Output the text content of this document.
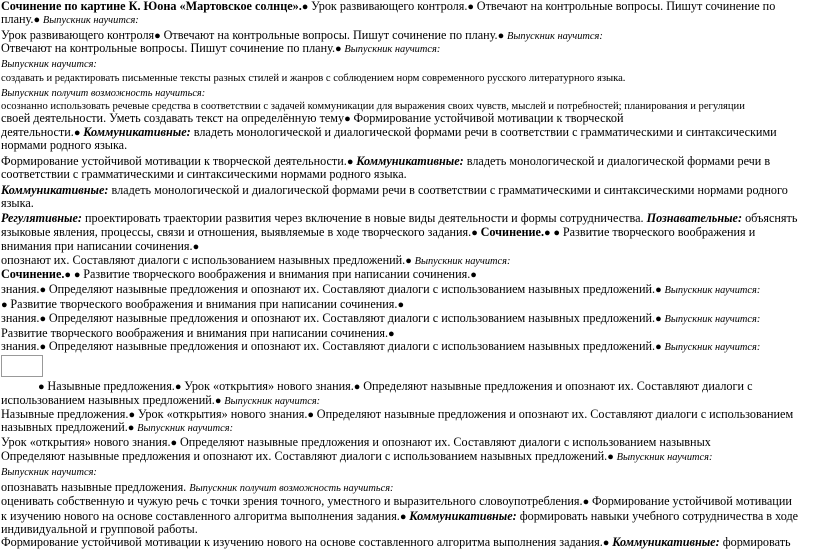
Сочинение по картине К. Юона «Мартовское солнце».● Урок развивающего контроля.● Отвечают на контрольные вопросы. Пишут сочинение по
плану.● Выпускник научится:
Урок развивающего контроля● Отвечают на контрольные вопросы. Пишут сочинение по плану.● Выпускник научится:
Отвечают на контрольные вопросы. Пишут сочинение по плану.● Выпускник научится:
Выпускник научится:
создавать и редактировать письменные тексты разных стилей и жанров с соблюдением норм современного русского литературного языка.
Выпускник получит возможность научиться:
осознанно использовать речевые средства в соответствии с задачей коммуникации для выражения своих чувств, мыслей и потребностей; планирования и регуляции
своей деятельности. Уметь создавать текст на определённую тему● Формирование устойчивой мотивации к творческой
деятельности.● Коммуникативные: владеть монологической и диалогической формами речи в соответствии с грамматическими и синтаксическими
нормами родного языка.
Формирование устойчивой мотивации к творческой деятельности.● Коммуникативные: владеть монологической и диалогической формами речи в
соответствии с грамматическими и синтаксическими нормами родного языка.
Коммуникативные: владеть монологической и диалогической формами речи в соответствии с грамматическими и синтаксическими нормами родного
языка.
Регулятивные: проектировать траектории развития через включение в новые виды деятельности и формы сотрудничества. Познавательные: объяснять
языковые явления, процессы, связи и отношения, выявляемые в ходе творческого задания.● Сочинение.● ● Развитие творческого воображения и
внимания при написании сочинения.●
опознают их. Составляют диалоги с использованием назывных предложений.● Выпускник научится:
Сочинение.● ● Развитие творческого воображения и внимания при написании сочинения.●
знания.● Определяют назывные предложения и опознают их. Составляют диалоги с использованием назывных предложений.● Выпускник научится:
● Развитие творческого воображения и внимания при написании сочинения.●
знания.● Определяют назывные предложения и опознают их. Составляют диалоги с использованием назывных предложений.● Выпускник научится:
Развитие творческого воображения и внимания при написании сочинения.●
знания.● Определяют назывные предложения и опознают их. Составляют диалоги с использованием назывных предложений.● Выпускник научится:
● Назывные предложения.● Урок «открытия» нового знания.● Определяют назывные предложения и опознают их. Составляют диалоги с
использованием назывных предложений.● Выпускник научится:
Назывные предложения.● Урок «открытия» нового знания.● Определяют назывные предложения и опознают их. Составляют диалоги с использованием
назывных предложений.● Выпускник научится:
Урок «открытия» нового знания.● Определяют назывные предложения и опознают их. Составляют диалоги с использованием назывных
Определяют назывные предложения и опознают их. Составляют диалоги с использованием назывных предложений.● Выпускник научится:
Выпускник научится:
опознавать назывные предложения. Выпускник получит возможность научиться:
оценивать собственную и чужую речь с точки зрения точного, уместного и выразительного словоупотребления.● Формирование устойчивой мотивации
к изучению нового на основе составленного алгоритма выполнения задания.● Коммуникативные: формировать навыки учебного сотрудничества в ходе
индивидуальной и групповой работы.
Формирование устойчивой мотивации к изучению нового на основе составленного алгоритма выполнения задания.● Коммуникативные: формировать
